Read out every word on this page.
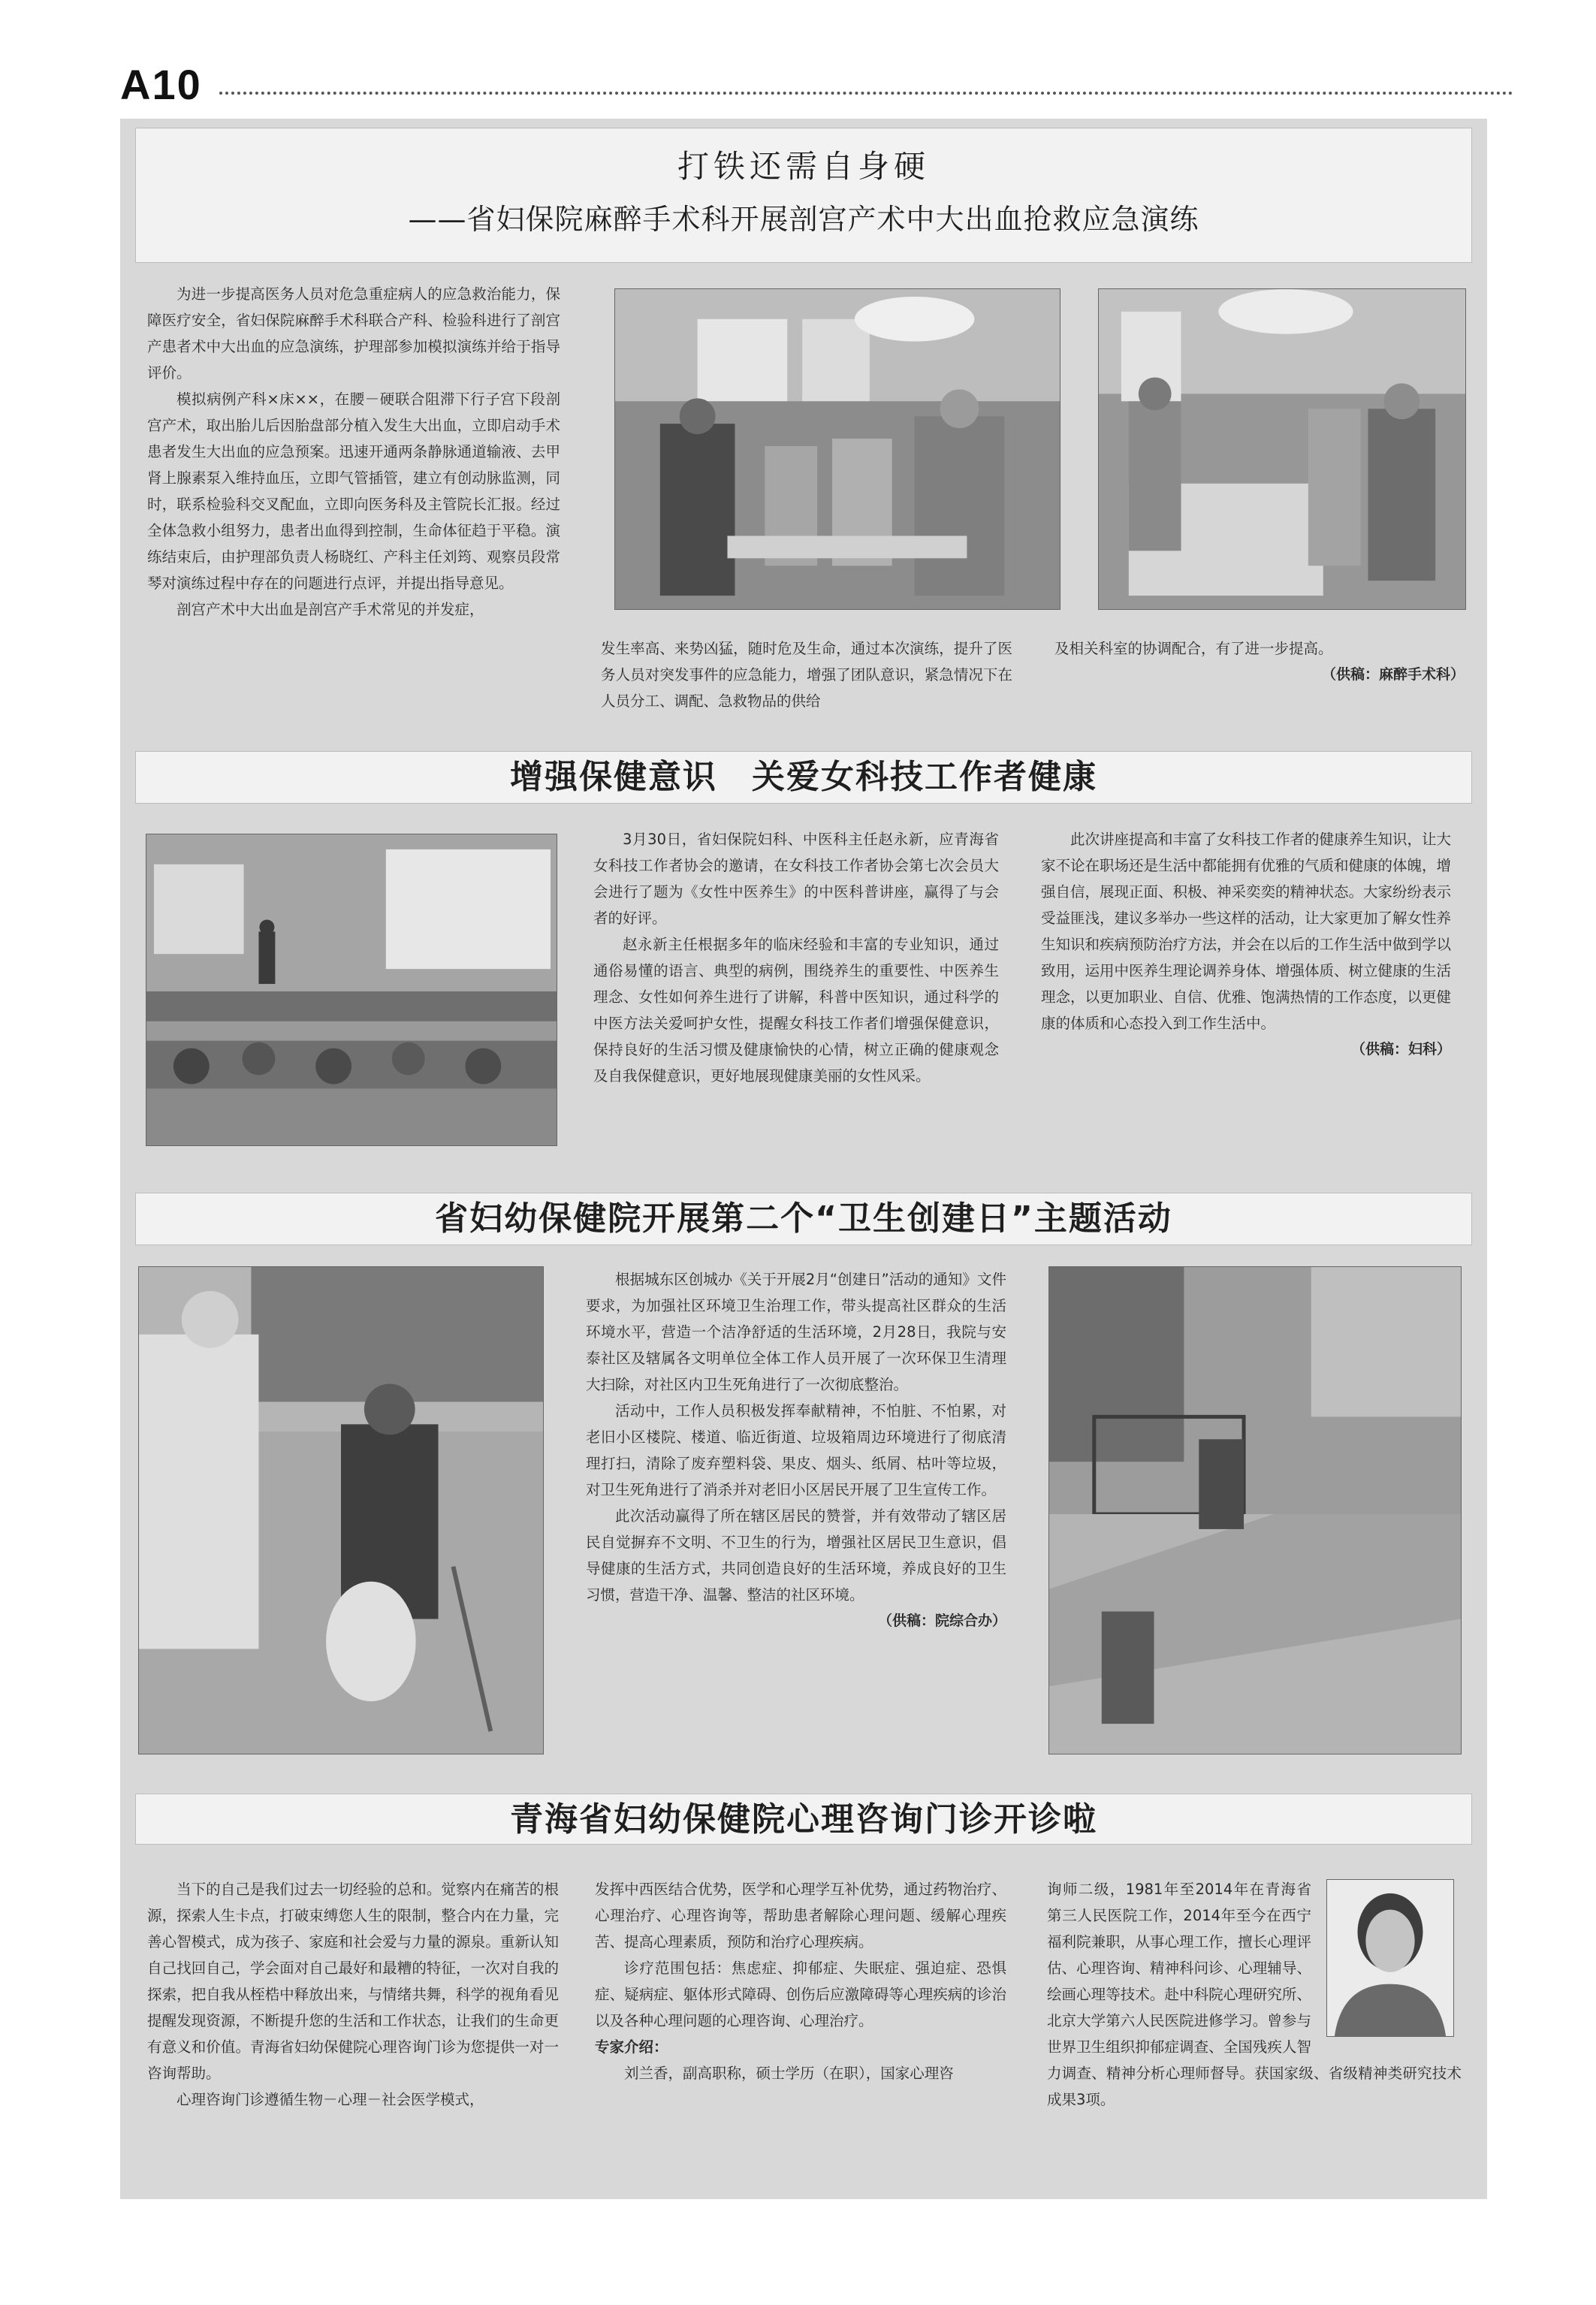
A10
打铁还需自身硬
——省妇保院麻醉手术科开展剖宫产术中大出血抢救应急演练

为进一步提高医务人员对危急重症病人的应急救治能力，保障医疗安全，省妇保院麻醉手术科联合产科、检验科进行了剖宫产患者术中大出血的应急演练，护理部参加模拟演练并给于指导评价。

模拟病例产科×床××，在腰－硬联合阻滞下行子宫下段剖宫产术，取出胎儿后因胎盘部分植入发生大出血，立即启动手术患者发生大出血的应急预案。迅速开通两条静脉通道输液、去甲肾上腺素泵入维持血压，立即气管插管，建立有创动脉监测，同时，联系检验科交叉配血，立即向医务科及主管院长汇报。经过全体急救小组努力，患者出血得到控制，生命体征趋于平稳。演练结束后，由护理部负责人杨晓红、产科主任刘筠、观察员段常琴对演练过程中存在的问题进行点评，并提出指导意见。

剖宫产术中大出血是剖宫产手术常见的并发症，

发生率高、来势凶猛，随时危及生命，通过本次演练，提升了医务人员对突发事件的应急能力，增强了团队意识，紧急情况下在人员分工、调配、急救物品的供给

及相关科室的协调配合，有了进一步提高。

（供稿：麻醉手术科）
增强保健意识　关爱女科技工作者健康

3月30日，省妇保院妇科、中医科主任赵永新，应青海省女科技工作者协会的邀请，在女科技工作者协会第七次会员大会进行了题为《女性中医养生》的中医科普讲座，赢得了与会者的好评。

赵永新主任根据多年的临床经验和丰富的专业知识，通过通俗易懂的语言、典型的病例，围绕养生的重要性、中医养生理念、女性如何养生进行了讲解，科普中医知识，通过科学的中医方法关爱呵护女性，提醒女科技工作者们增强保健意识，保持良好的生活习惯及健康愉快的心情，树立正确的健康观念及自我保健意识，更好地展现健康美丽的女性风采。

此次讲座提高和丰富了女科技工作者的健康养生知识，让大家不论在职场还是生活中都能拥有优雅的气质和健康的体魄，增强自信，展现正面、积极、神采奕奕的精神状态。大家纷纷表示受益匪浅，建议多举办一些这样的活动，让大家更加了解女性养生知识和疾病预防治疗方法，并会在以后的工作生活中做到学以致用，运用中医养生理论调养身体、增强体质、树立健康的生活理念，以更加职业、自信、优雅、饱满热情的工作态度，以更健康的体质和心态投入到工作生活中。

（供稿：妇科）
省妇幼保健院开展第二个“卫生创建日”主题活动

根据城东区创城办《关于开展2月“创建日”活动的通知》文件要求，为加强社区环境卫生治理工作，带头提高社区群众的生活环境水平，营造一个洁净舒适的生活环境，2月28日，我院与安泰社区及辖属各文明单位全体工作人员开展了一次环保卫生清理大扫除，对社区内卫生死角进行了一次彻底整治。

活动中，工作人员积极发挥奉献精神，不怕脏、不怕累，对老旧小区楼院、楼道、临近街道、垃圾箱周边环境进行了彻底清理打扫，清除了废弃塑料袋、果皮、烟头、纸屑、枯叶等垃圾，对卫生死角进行了消杀并对老旧小区居民开展了卫生宣传工作。

此次活动赢得了所在辖区居民的赞誉，并有效带动了辖区居民自觉摒弃不文明、不卫生的行为，增强社区居民卫生意识，倡导健康的生活方式，共同创造良好的生活环境，养成良好的卫生习惯，营造干净、温馨、整洁的社区环境。

（供稿：院综合办）
青海省妇幼保健院心理咨询门诊开诊啦

当下的自己是我们过去一切经验的总和。觉察内在痛苦的根源，探索人生卡点，打破束缚您人生的限制，整合内在力量，完善心智模式，成为孩子、家庭和社会爱与力量的源泉。重新认知自己找回自己，学会面对自己最好和最糟的特征，一次对自我的探索，把自我从桎梏中释放出来，与情绪共舞，科学的视角看见提醒发现资源，不断提升您的生活和工作状态，让我们的生命更有意义和价值。青海省妇幼保健院心理咨询门诊为您提供一对一咨询帮助。

心理咨询门诊遵循生物－心理－社会医学模式，

发挥中西医结合优势，医学和心理学互补优势，通过药物治疗、心理治疗、心理咨询等，帮助患者解除心理问题、缓解心理疾苦、提高心理素质，预防和治疗心理疾病。

诊疗范围包括：焦虑症、抑郁症、失眠症、强迫症、恐惧症、疑病症、躯体形式障碍、创伤后应激障碍等心理疾病的诊治以及各种心理问题的心理咨询、心理治疗。

专家介绍：

刘兰香，副高职称，硕士学历（在职），国家心理咨

询师二级，1981年至2014年在青海省第三人民医院工作，2014年至今在西宁福利院兼职，从事心理工作，擅长心理评估、心理咨询、精神科问诊、心理辅导、绘画心理等技术。赴中科院心理研究所、北京大学第六人民医院进修学习。曾参与世界卫生组织抑郁症调查、全国残疾人智力调查、精神分析心理师督导。获国家级、省级精神类研究技术成果3项。
